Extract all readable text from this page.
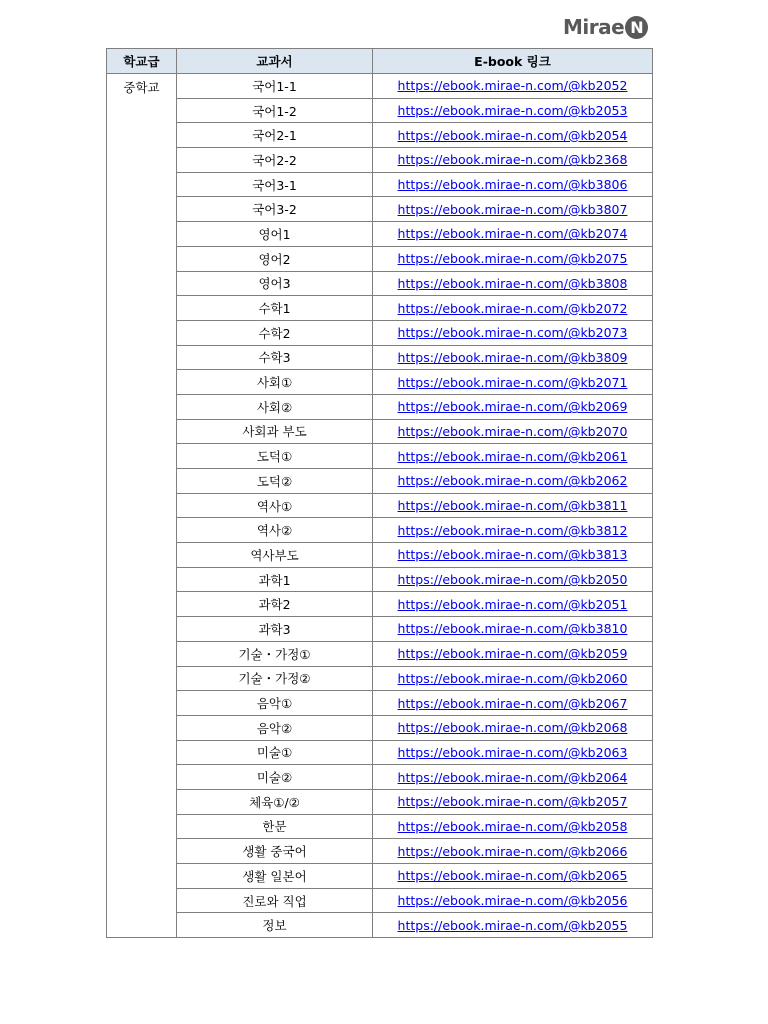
Mirae N
학교급	교과서	E-book 링크
중학교	국어1-1	https://ebook.mirae-n.com/@kb2052
	국어1-2	https://ebook.mirae-n.com/@kb2053
	국어2-1	https://ebook.mirae-n.com/@kb2054
	국어2-2	https://ebook.mirae-n.com/@kb2368
	국어3-1	https://ebook.mirae-n.com/@kb3806
	국어3-2	https://ebook.mirae-n.com/@kb3807
	영어1	https://ebook.mirae-n.com/@kb2074
	영어2	https://ebook.mirae-n.com/@kb2075
	영어3	https://ebook.mirae-n.com/@kb3808
	수학1	https://ebook.mirae-n.com/@kb2072
	수학2	https://ebook.mirae-n.com/@kb2073
	수학3	https://ebook.mirae-n.com/@kb3809
	사회①	https://ebook.mirae-n.com/@kb2071
	사회②	https://ebook.mirae-n.com/@kb2069
	사회과 부도	https://ebook.mirae-n.com/@kb2070
	도덕①	https://ebook.mirae-n.com/@kb2061
	도덕②	https://ebook.mirae-n.com/@kb2062
	역사①	https://ebook.mirae-n.com/@kb3811
	역사②	https://ebook.mirae-n.com/@kb3812
	역사부도	https://ebook.mirae-n.com/@kb3813
	과학1	https://ebook.mirae-n.com/@kb2050
	과학2	https://ebook.mirae-n.com/@kb2051
	과학3	https://ebook.mirae-n.com/@kb3810
	기술・가정①	https://ebook.mirae-n.com/@kb2059
	기술・가정②	https://ebook.mirae-n.com/@kb2060
	음악①	https://ebook.mirae-n.com/@kb2067
	음악②	https://ebook.mirae-n.com/@kb2068
	미술①	https://ebook.mirae-n.com/@kb2063
	미술②	https://ebook.mirae-n.com/@kb2064
	체육①/②	https://ebook.mirae-n.com/@kb2057
	한문	https://ebook.mirae-n.com/@kb2058
	생활 중국어	https://ebook.mirae-n.com/@kb2066
	생활 일본어	https://ebook.mirae-n.com/@kb2065
	진로와 직업	https://ebook.mirae-n.com/@kb2056
	정보	https://ebook.mirae-n.com/@kb2055
